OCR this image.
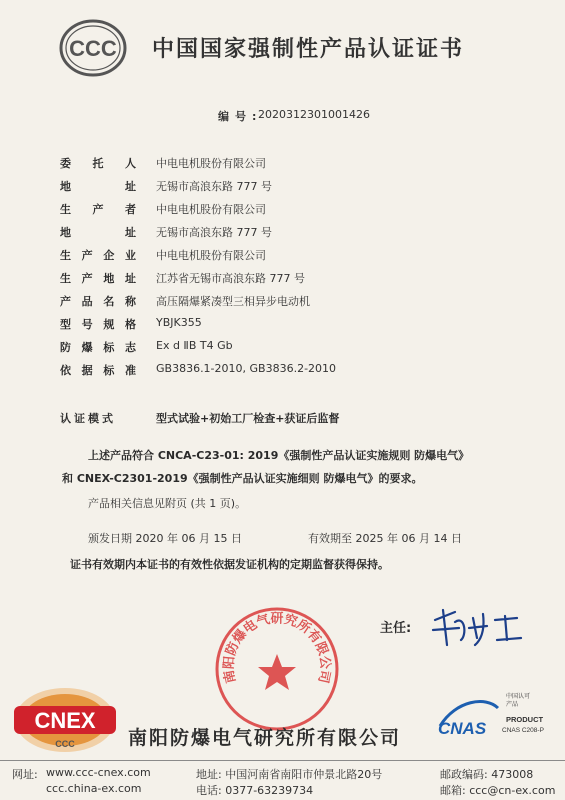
CCC 中国国家强制性产品认证证书
编号:
2020312301001426
委 托 人 中电电机股份有限公司
地	址 无锡市高浪东路 777 号
生 产 者 中电电机股份有限公司
地	址 无锡市高浪东路 777 号
生 产 企 业 中电电机股份有限公司
生 产 地 址 江苏省无锡市高浪东路 777 号
产 品 名 称 高压隔爆紧凑型三相异步电动机
型 号 规 格 YBJK355
防 爆 标 志 Ex d ⅡB T4 Gb
依 据 标 准 GB3836.1-2010, GB3836.2-2010
认证模式	型式试验+初始工厂检查+获证后监督
上述产品符合 CNCA-C23-01: 2019《强制性产品认证实施规则 防爆电气》
和 CNEX-C2301-2019《强制性产品认证实施细则 防爆电气》的要求。
产品相关信息见附页 (共 1 页)。
颁发日期 2020 年 06 月 15 日	有效期至 2025 年 06 月 14 日
证书有效期内本证书的有效性依据发证机构的定期监督获得保持。
南阳防爆电气研究所有限公司
主任:
CNEX
CCC	南阳防爆电气研究所有限公司 CNAS
中国认可
产品
PRODUCT
CNAS C208-P
网址: www.ccc-cnex.com
ccc.china-ex.com
地址: 中国河南省南阳市仲景北路20号
电话: 0377-63239734
邮政编码: 473008
邮箱: ccc@cn-ex.com
